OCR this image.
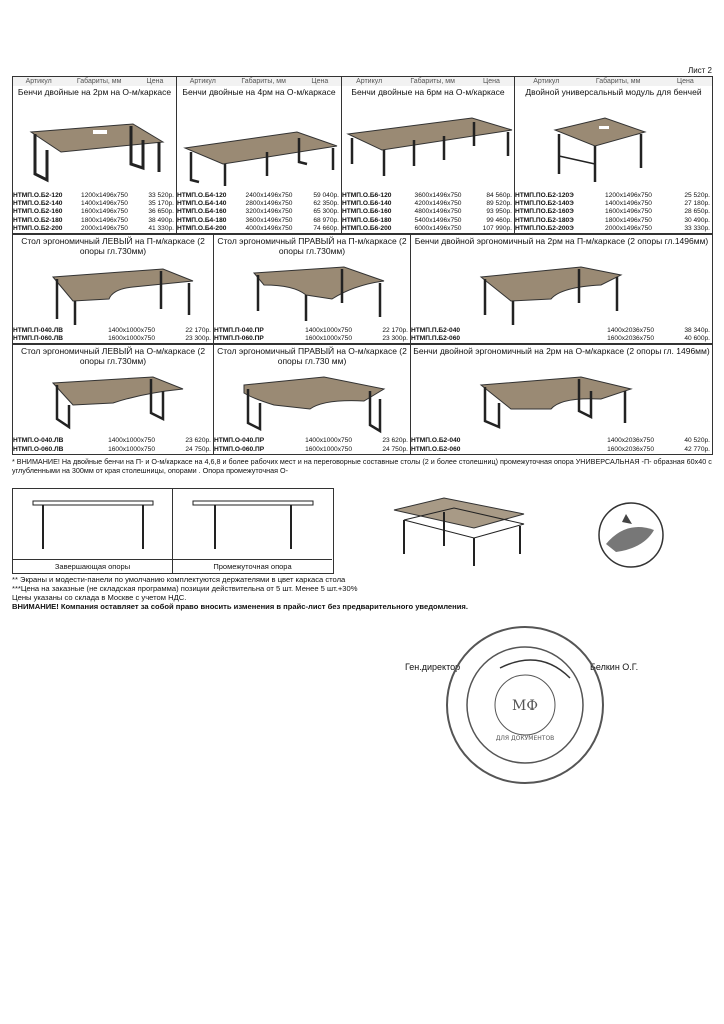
Лист 2
Артикул	Габариты, мм	Цена
Бенчи двойные на 2рм на О-м/каркасе
НТМП.О.Б2-120	1200x1496x750	33 520р.
НТМП.О.Б2-140	1400x1496x750	35 170р.
НТМП.О.Б2-160	1600x1496x750	36 650р.
НТМП.О.Б2-180	1800x1496x750	38 490р.
НТМП.О.Б2-200	2000x1496x750	41 330р.

Артикул	Габариты, мм	Цена
Бенчи двойные на 4рм на О-м/каркасе
НТМП.О.Б4-120	2400x1496x750	59 040р.
НТМП.О.Б4-140	2800x1496x750	62 350р.
НТМП.О.Б4-160	3200x1496x750	65 300р.
НТМП.О.Б4-180	3600x1496x750	68 970р.
НТМП.О.Б4-200	4000x1496x750	74 660р.

Артикул	Габариты, мм	Цена
Бенчи двойные на 6рм на О-м/каркасе
НТМП.О.Б6-120	3600x1496x750	84 560р.
НТМП.О.Б6-140	4200x1496x750	89 520р.
НТМП.О.Б6-160	4800x1496x750	93 950р.
НТМП.О.Б6-180	5400x1496x750	99 460р.
НТМП.О.Б6-200	6000x1496x750	107 990р.

Артикул	Габариты, мм	Цена
Двойной универсальный модуль для бенчей
НТМП.ПО.Б2-120Э	1200x1496x750	25 520р.
НТМП.ПО.Б2-140Э	1400x1496x750	27 180р.
НТМП.ПО.Б2-160Э	1600x1496x750	28 650р.
НТМП.ПО.Б2-180Э	1800x1496x750	30 490р.
НТМП.ПО.Б2-200Э	2000x1496x750	33 330р.
Стол эргономичный ЛЕВЫЙ на П-м/каркасе (2 опоры гл.730мм)
НТМП.П-040.ЛВ	1400x1000x750	22 170р.
НТМП.П-060.ЛВ	1600x1000x750	23 300р.

Стол эргономичный ПРАВЫЙ на П-м/каркасе (2 опоры гл.730мм)
НТМП.П-040.ПР	1400x1000x750	22 170р.
НТМП.П-060.ПР	1600x1000x750	23 300р.

Бенчи двойной эргономичный на 2рм на П-м/каркасе (2 опоры гл.1496мм)
НТМП.П.Б2-040	1400x2036x750	38 340р.
НТМП.П.Б2-060	1600x2036x750	40 600р.
Стол эргономичный ЛЕВЫЙ на О-м/каркасе (2 опоры гл.730мм)
НТМП.О-040.ЛВ	1400x1000x750	23 620р.
НТМП.О-060.ЛВ	1600x1000x750	24 750р.

Стол эргономичный ПРАВЫЙ на О-м/каркасе (2 опоры гл.730 мм)
НТМП.О-040.ПР	1400x1000x750	23 620р.
НТМП.О-060.ПР	1600x1000x750	24 750р.

Бенчи двойной эргономичный на 2рм на О-м/каркасе (2 опоры гл. 1496мм)
НТМП.О.Б2-040	1400x2036x750	40 520р.
НТМП.О.Б2-060	1600x2036x750	42 770р.
* ВНИМАНИЕ! На двойные бенчи на П- и О-м/каркасе на 4,6,8 и более рабочих мест и на переговорные составные столы (2 и более столешниц) промежуточная опора УНИВЕРСАЛЬНАЯ -П- образная 60х40 с углубленными на 300мм от края столешницы, опорами . Опора промежуточная О-
Завершающая опоры	Промежуточная опора
** Экраны и модести-панели по умолчанию комплектуются держателями в цвет каркаса стола
***Цена на заказные (не складская программа) позиции действительна от 5 шт. Менее 5 шт.+30%
Цены указаны со склада в Москве с учетом НДС.
ВНИМАНИЕ! Компания оставляет за собой право вносить изменения в прайс-лист без предварительного уведомления.
Ген.директор	Белкин О.Г.
МФ
ДЛЯ ДОКУМЕНТОВ
